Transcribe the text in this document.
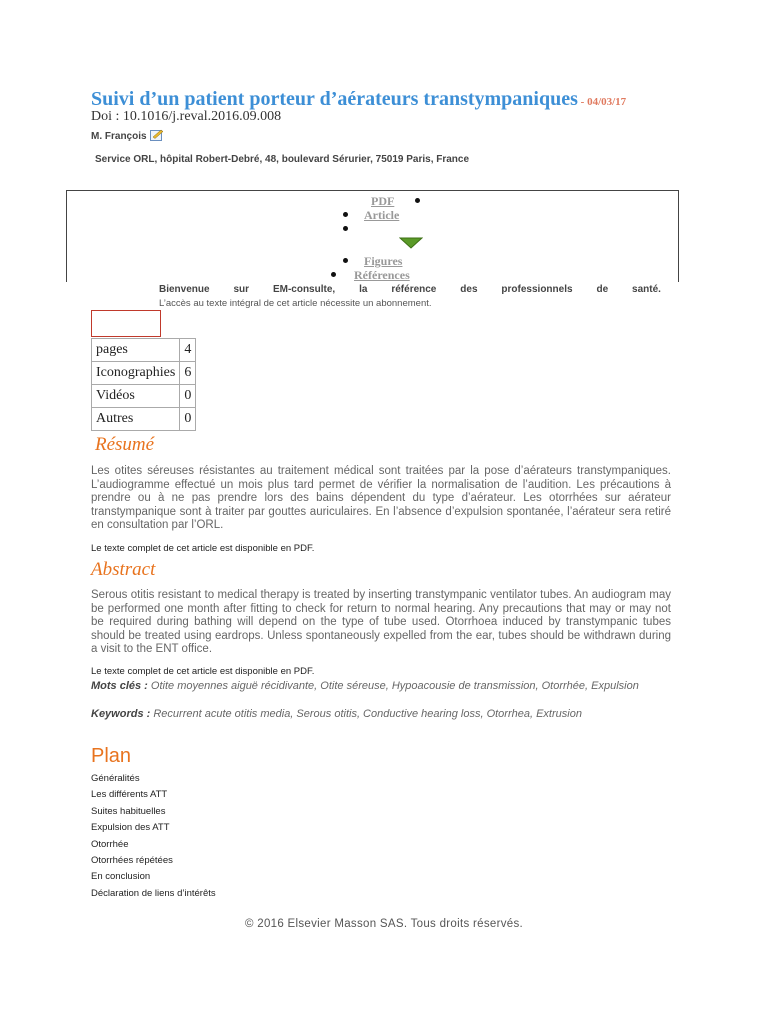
Suivi d’un patient porteur d’aérateurs transtympaniques - 04/03/17
Doi : 10.1016/j.reval.2016.09.008
M. François
Service ORL, hôpital Robert-Debré, 48, boulevard Sérurier, 75019 Paris, France
PDF
Article
Figures
Références
Bienvenue sur EM-consulte, la référence des professionnels de santé.
L’accès au texte intégral de cet article nécessite un abonnement.
pages	4
Iconographies	6
Vidéos	0
Autres	0
Résumé
Les otites séreuses résistantes au traitement médical sont traitées par la pose d’aérateurs transtympaniques. L’audiogramme effectué un mois plus tard permet de vérifier la normalisation de l’audition. Les précautions à prendre ou à ne pas prendre lors des bains dépendent du type d’aérateur. Les otorrhées sur aérateur transtympanique sont à traiter par gouttes auriculaires. En l’absence d’expulsion spontanée, l’aérateur sera retiré en consultation par l’ORL.
Le texte complet de cet article est disponible en PDF.
Abstract
Serous otitis resistant to medical therapy is treated by inserting transtympanic ventilator tubes. An audiogram may be performed one month after fitting to check for return to normal hearing. Any precautions that may or may not be required during bathing will depend on the type of tube used. Otorrhoea induced by transtympanic tubes should be treated using eardrops. Unless spontaneously expelled from the ear, tubes should be withdrawn during a visit to the ENT office.
Le texte complet de cet article est disponible en PDF.
Mots clés : Otite moyennes aiguë récidivante, Otite séreuse, Hypoacousie de transmission, Otorrhée, Expulsion
Keywords : Recurrent acute otitis media, Serous otitis, Conductive hearing loss, Otorrhea, Extrusion
Plan
Généralités
Les différents ATT
Suites habituelles
Expulsion des ATT
Otorrhée
Otorrhées répétées
En conclusion
Déclaration de liens d’intérêts
© 2016 Elsevier Masson SAS. Tous droits réservés.
